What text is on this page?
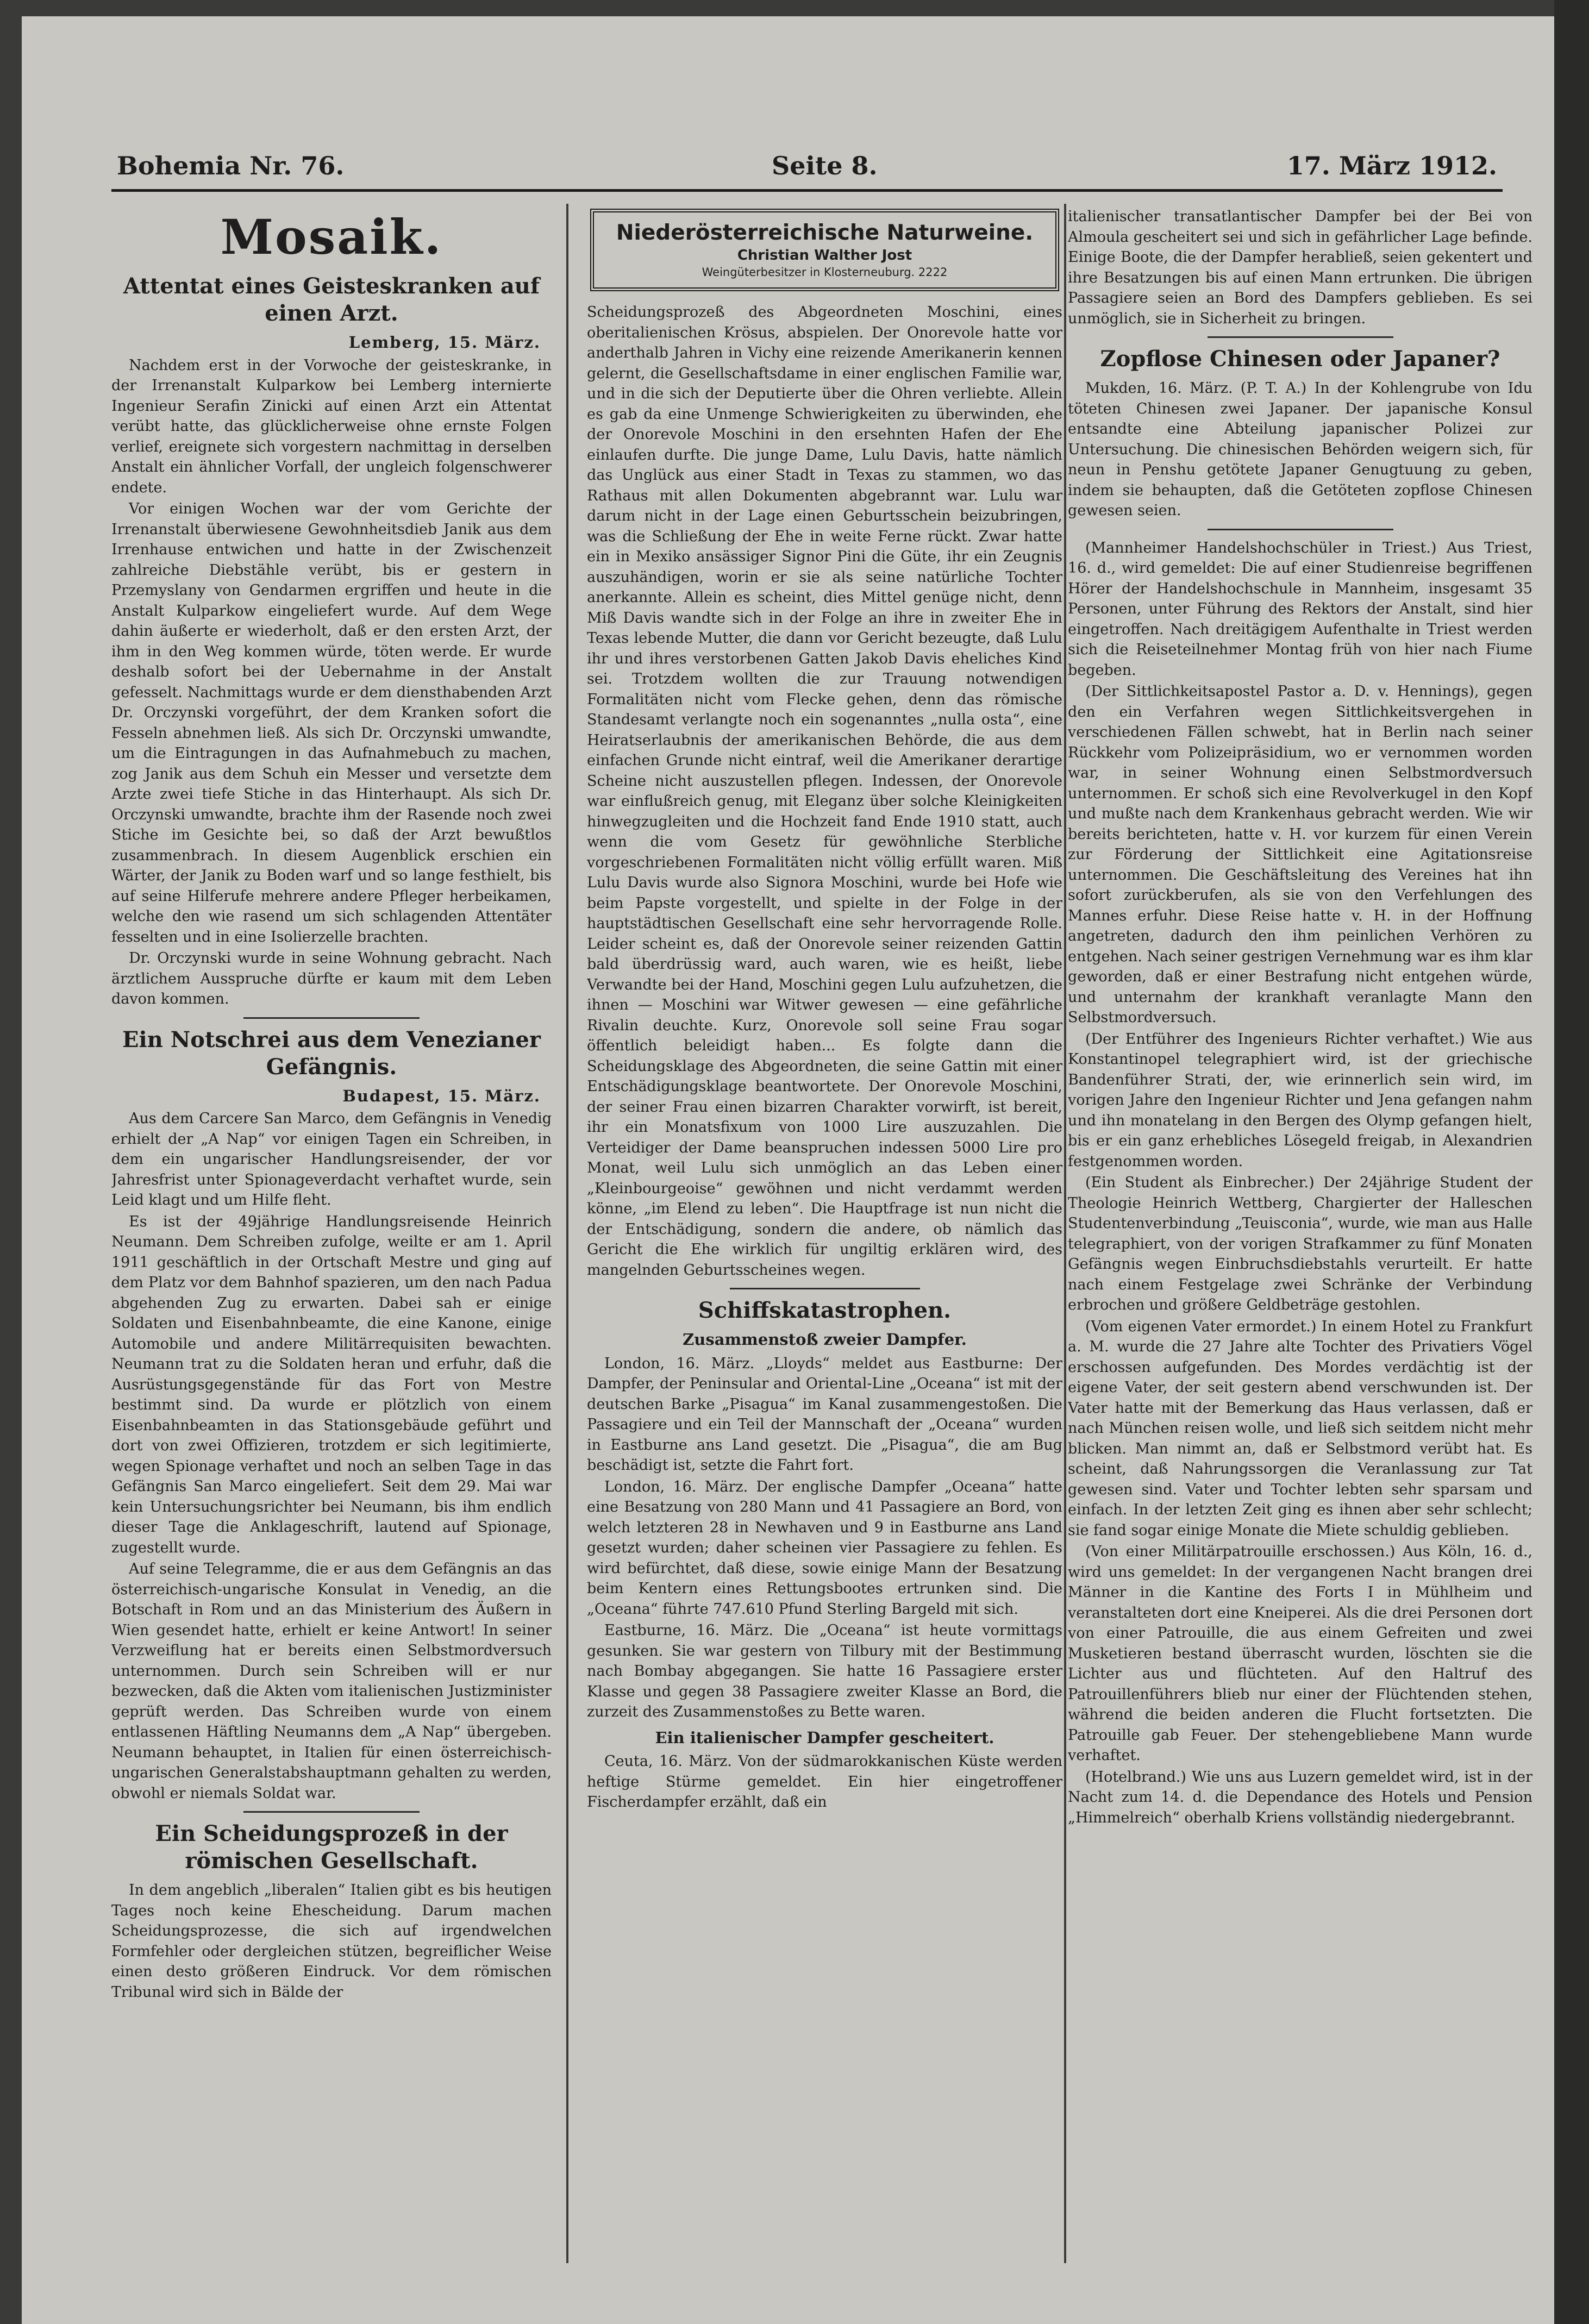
Bohemia Nr. 76.	Seite 8.	17. März 1912.
Mosaik.
Attentat eines Geisteskranken auf einen Arzt.
Lemberg, 15. März.

Nachdem erst in der Vorwoche der geisteskranke, in der Irrenanstalt Kulparkow bei Lemberg internierte Ingenieur Serafin Zinicki auf einen Arzt ein Attentat verübt hatte, das glücklicherweise ohne ernste Folgen verlief, ereignete sich vorgestern nachmittag in derselben Anstalt ein ähnlicher Vorfall, der ungleich folgenschwerer endete.

Vor einigen Wochen war der vom Gerichte der Irrenanstalt überwiesene Gewohnheitsdieb Janik aus dem Irrenhause entwichen und hatte in der Zwischenzeit zahlreiche Diebstähle verübt, bis er gestern in Przemyslany von Gendarmen ergriffen und heute in die Anstalt Kulparkow eingeliefert wurde. Auf dem Wege dahin äußerte er wiederholt, daß er den ersten Arzt, der ihm in den Weg kommen würde, töten werde. Er wurde deshalb sofort bei der Uebernahme in der Anstalt gefesselt. Nachmittags wurde er dem diensthabenden Arzt Dr. Orczynski vorgeführt, der dem Kranken sofort die Fesseln abnehmen ließ. Als sich Dr. Orczynski umwandte, um die Eintragungen in das Aufnahmebuch zu machen, zog Janik aus dem Schuh ein Messer und versetzte dem Arzte zwei tiefe Stiche in das Hinterhaupt. Als sich Dr. Orczynski umwandte, brachte ihm der Rasende noch zwei Stiche im Gesichte bei, so daß der Arzt bewußtlos zusammenbrach. In diesem Augenblick erschien ein Wärter, der Janik zu Boden warf und so lange festhielt, bis auf seine Hilferufe mehrere andere Pfleger herbeikamen, welche den wie rasend um sich schlagenden Attentäter fesselten und in eine Isolierzelle brachten.

Dr. Orczynski wurde in seine Wohnung gebracht. Nach ärztlichem Ausspruche dürfte er kaum mit dem Leben davon kommen.

Ein Notschrei aus dem Venezianer Gefängnis.
Budapest, 15. März.

Aus dem Carcere San Marco, dem Gefängnis in Venedig erhielt der „A Nap“ vor einigen Tagen ein Schreiben, in dem ein ungarischer Handlungsreisender, der vor Jahresfrist unter Spionageverdacht verhaftet wurde, sein Leid klagt und um Hilfe fleht.

Es ist der 49jährige Handlungsreisende Heinrich Neumann. Dem Schreiben zufolge, weilte er am 1. April 1911 geschäftlich in der Ortschaft Mestre und ging auf dem Platz vor dem Bahnhof spazieren, um den nach Padua abgehenden Zug zu erwarten. Dabei sah er einige Soldaten und Eisenbahnbeamte, die eine Kanone, einige Automobile und andere Militärrequisiten bewachten. Neumann trat zu die Soldaten heran und erfuhr, daß die Ausrüstungsgegenstände für das Fort von Mestre bestimmt sind. Da wurde er plötzlich von einem Eisenbahnbeamten in das Stationsgebäude geführt und dort von zwei Offizieren, trotzdem er sich legitimierte, wegen Spionage verhaftet und noch an selben Tage in das Gefängnis San Marco eingeliefert. Seit dem 29. Mai war kein Untersuchungsrichter bei Neumann, bis ihm endlich dieser Tage die Anklageschrift, lautend auf Spionage, zugestellt wurde.

Auf seine Telegramme, die er aus dem Gefängnis an das österreichisch-ungarische Konsulat in Venedig, an die Botschaft in Rom und an das Ministerium des Äußern in Wien gesendet hatte, erhielt er keine Antwort! In seiner Verzweiflung hat er bereits einen Selbstmordversuch unternommen. Durch sein Schreiben will er nur bezwecken, daß die Akten vom italienischen Justizminister geprüft werden. Das Schreiben wurde von einem entlassenen Häftling Neumanns dem „A Nap“ übergeben. Neumann behauptet, in Italien für einen österreichisch-ungarischen Generalstabshauptmann gehalten zu werden, obwohl er niemals Soldat war.

Ein Scheidungsprozeß in der römischen Gesellschaft.

In dem angeblich „liberalen“ Italien gibt es bis heutigen Tages noch keine Ehescheidung. Darum machen Scheidungsprozesse, die sich auf irgendwelchen Formfehler oder dergleichen stützen, begreiflicher Weise einen desto größeren Eindruck. Vor dem römischen Tribunal wird sich in Bälde der

Niederösterreichische Naturweine.
Christian Walther Jost
Weingüterbesitzer in Klosterneuburg. 2222

Scheidungsprozeß des Abgeordneten Moschini, eines oberitalienischen Krösus, abspielen. Der Onorevole hatte vor anderthalb Jahren in Vichy eine reizende Amerikanerin kennen gelernt, die Gesellschaftsdame in einer englischen Familie war, und in die sich der Deputierte über die Ohren verliebte. Allein es gab da eine Unmenge Schwierigkeiten zu überwinden, ehe der Onorevole Moschini in den ersehnten Hafen der Ehe einlaufen durfte. Die junge Dame, Lulu Davis, hatte nämlich das Unglück aus einer Stadt in Texas zu stammen, wo das Rathaus mit allen Dokumenten abgebrannt war. Lulu war darum nicht in der Lage einen Geburtsschein beizubringen, was die Schließung der Ehe in weite Ferne rückt. Zwar hatte ein in Mexiko ansässiger Signor Pini die Güte, ihr ein Zeugnis auszuhändigen, worin er sie als seine natürliche Tochter anerkannte. Allein es scheint, dies Mittel genüge nicht, denn Miß Davis wandte sich in der Folge an ihre in zweiter Ehe in Texas lebende Mutter, die dann vor Gericht bezeugte, daß Lulu ihr und ihres verstorbenen Gatten Jakob Davis eheliches Kind sei. Trotzdem wollten die zur Trauung notwendigen Formalitäten nicht vom Flecke gehen, denn das römische Standesamt verlangte noch ein sogenanntes „nulla osta“, eine Heiratserlaubnis der amerikanischen Behörde, die aus dem einfachen Grunde nicht eintraf, weil die Amerikaner derartige Scheine nicht auszustellen pflegen. Indessen, der Onorevole war einflußreich genug, mit Eleganz über solche Kleinigkeiten hinwegzugleiten und die Hochzeit fand Ende 1910 statt, auch wenn die vom Gesetz für gewöhnliche Sterbliche vorgeschriebenen Formalitäten nicht völlig erfüllt waren. Miß Lulu Davis wurde also Signora Moschini, wurde bei Hofe wie beim Papste vorgestellt, und spielte in der Folge in der hauptstädtischen Gesellschaft eine sehr hervorragende Rolle. Leider scheint es, daß der Onorevole seiner reizenden Gattin bald überdrüssig ward, auch waren, wie es heißt, liebe Verwandte bei der Hand, Moschini gegen Lulu aufzuhetzen, die ihnen — Moschini war Witwer gewesen — eine gefährliche Rivalin deuchte. Kurz, Onorevole soll seine Frau sogar öffentlich beleidigt haben... Es folgte dann die Scheidungsklage des Abgeordneten, die seine Gattin mit einer Entschädigungsklage beantwortete. Der Onorevole Moschini, der seiner Frau einen bizarren Charakter vorwirft, ist bereit, ihr ein Monatsfixum von 1000 Lire auszuzahlen. Die Verteidiger der Dame beanspruchen indessen 5000 Lire pro Monat, weil Lulu sich unmöglich an das Leben einer „Kleinbourgeoise“ gewöhnen und nicht verdammt werden könne, „im Elend zu leben“. Die Hauptfrage ist nun nicht die der Entschädigung, sondern die andere, ob nämlich das Gericht die Ehe wirklich für ungiltig erklären wird, des mangelnden Geburtsscheines wegen.

Schiffskatastrophen.
Zusammenstoß zweier Dampfer.

London, 16. März. „Lloyds“ meldet aus Eastburne: Der Dampfer, der Peninsular and Oriental-Line „Oceana“ ist mit der deutschen Barke „Pisagua“ im Kanal zusammengestoßen. Die Passagiere und ein Teil der Mannschaft der „Oceana“ wurden in Eastburne ans Land gesetzt. Die „Pisagua“, die am Bug beschädigt ist, setzte die Fahrt fort.

London, 16. März. Der englische Dampfer „Oceana“ hatte eine Besatzung von 280 Mann und 41 Passagiere an Bord, von welch letzteren 28 in Newhaven und 9 in Eastburne ans Land gesetzt wurden; daher scheinen vier Passagiere zu fehlen. Es wird befürchtet, daß diese, sowie einige Mann der Besatzung beim Kentern eines Rettungsbootes ertrunken sind. Die „Oceana“ führte 747.610 Pfund Sterling Bargeld mit sich.

Eastburne, 16. März. Die „Oceana“ ist heute vormittags gesunken. Sie war gestern von Tilbury mit der Bestimmung nach Bombay abgegangen. Sie hatte 16 Passagiere erster Klasse und gegen 38 Passagiere zweiter Klasse an Bord, die zurzeit des Zusammenstoßes zu Bette waren.

Ein italienischer Dampfer gescheitert.

Ceuta, 16. März. Von der südmarokkanischen Küste werden heftige Stürme gemeldet. Ein hier eingetroffener Fischerdampfer erzählt, daß ein

italienischer transatlantischer Dampfer bei der Bei von Almoula gescheitert sei und sich in gefährlicher Lage befinde. Einige Boote, die der Dampfer herabließ, seien gekentert und ihre Besatzungen bis auf einen Mann ertrunken. Die übrigen Passagiere seien an Bord des Dampfers geblieben. Es sei unmöglich, sie in Sicherheit zu bringen.

Zopflose Chinesen oder Japaner?

Mukden, 16. März. (P. T. A.) In der Kohlengrube von Idu töteten Chinesen zwei Japaner. Der japanische Konsul entsandte eine Abteilung japanischer Polizei zur Untersuchung. Die chinesischen Behörden weigern sich, für neun in Penshu getötete Japaner Genugtuung zu geben, indem sie behaupten, daß die Getöteten zopflose Chinesen gewesen seien.

(Mannheimer Handelshochschüler in Triest.) Aus Triest, 16. d., wird gemeldet: Die auf einer Studienreise begriffenen Hörer der Handelshochschule in Mannheim, insgesamt 35 Personen, unter Führung des Rektors der Anstalt, sind hier eingetroffen. Nach dreitägigem Aufenthalte in Triest werden sich die Reiseteilnehmer Montag früh von hier nach Fiume begeben.

(Der Sittlichkeitsapostel Pastor a. D. v. Hennings), gegen den ein Verfahren wegen Sittlichkeitsvergehen in verschiedenen Fällen schwebt, hat in Berlin nach seiner Rückkehr vom Polizeipräsidium, wo er vernommen worden war, in seiner Wohnung einen Selbstmordversuch unternommen. Er schoß sich eine Revolverkugel in den Kopf und mußte nach dem Krankenhaus gebracht werden. Wie wir bereits berichteten, hatte v. H. vor kurzem für einen Verein zur Förderung der Sittlichkeit eine Agitationsreise unternommen. Die Geschäftsleitung des Vereines hat ihn sofort zurückberufen, als sie von den Verfehlungen des Mannes erfuhr. Diese Reise hatte v. H. in der Hoffnung angetreten, dadurch den ihm peinlichen Verhören zu entgehen. Nach seiner gestrigen Vernehmung war es ihm klar geworden, daß er einer Bestrafung nicht entgehen würde, und unternahm der krankhaft veranlagte Mann den Selbstmordversuch.

(Der Entführer des Ingenieurs Richter verhaftet.) Wie aus Konstantinopel telegraphiert wird, ist der griechische Bandenführer Strati, der, wie erinnerlich sein wird, im vorigen Jahre den Ingenieur Richter und Jena gefangen nahm und ihn monatelang in den Bergen des Olymp gefangen hielt, bis er ein ganz erhebliches Lösegeld freigab, in Alexandrien festgenommen worden.

(Ein Student als Einbrecher.) Der 24jährige Student der Theologie Heinrich Wettberg, Chargierter der Halleschen Studentenverbindung „Teuisconia“, wurde, wie man aus Halle telegraphiert, von der vorigen Strafkammer zu fünf Monaten Gefängnis wegen Einbruchsdiebstahls verurteilt. Er hatte nach einem Festgelage zwei Schränke der Verbindung erbrochen und größere Geldbeträge gestohlen.

(Vom eigenen Vater ermordet.) In einem Hotel zu Frankfurt a. M. wurde die 27 Jahre alte Tochter des Privatiers Vögel erschossen aufgefunden. Des Mordes verdächtig ist der eigene Vater, der seit gestern abend verschwunden ist. Der Vater hatte mit der Bemerkung das Haus verlassen, daß er nach München reisen wolle, und ließ sich seitdem nicht mehr blicken. Man nimmt an, daß er Selbstmord verübt hat. Es scheint, daß Nahrungssorgen die Veranlassung zur Tat gewesen sind. Vater und Tochter lebten sehr sparsam und einfach. In der letzten Zeit ging es ihnen aber sehr schlecht; sie fand sogar einige Monate die Miete schuldig geblieben.

(Von einer Militärpatrouille erschossen.) Aus Köln, 16. d., wird uns gemeldet: In der vergangenen Nacht brangen drei Männer in die Kantine des Forts I in Mühlheim und veranstalteten dort eine Kneiperei. Als die drei Personen dort von einer Patrouille, die aus einem Gefreiten und zwei Musketieren bestand überrascht wurden, löschten sie die Lichter aus und flüchteten. Auf den Haltruf des Patrouillenführers blieb nur einer der Flüchtenden stehen, während die beiden anderen die Flucht fortsetzten. Die Patrouille gab Feuer. Der stehengebliebene Mann wurde verhaftet.

(Hotelbrand.) Wie uns aus Luzern gemeldet wird, ist in der Nacht zum 14. d. die Dependance des Hotels und Pension „Himmelreich“ oberhalb Kriens vollständig niedergebrannt.
